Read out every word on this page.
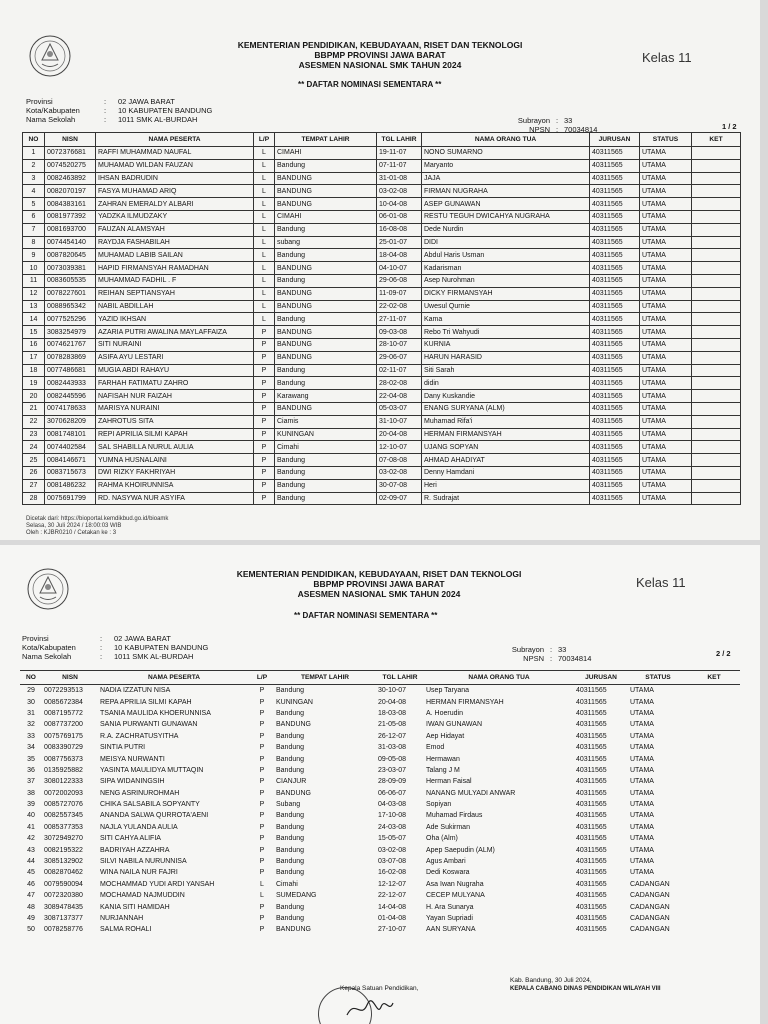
KEMENTERIAN PENDIDIKAN, KEBUDAYAAN, RISET DAN TEKNOLOGI
BBPMP PROVINSI JAWA BARAT
ASESMEN NASIONAL SMK TAHUN 2024	Kelas 11
** DAFTAR NOMINASI SEMENTARA **
Provinsi	:	02 JAWA BARAT
Kota/Kabupaten	:	10 KABUPATEN BANDUNG
Nama Sekolah	:	1011 SMK AL-BURDAH	Subrayon : 33
NPSN : 70034814	1 / 2
NO	NISN	NAMA PESERTA	L/P	TEMPAT LAHIR	TGL LAHIR	NAMA ORANG TUA	JURUSAN	STATUS	KET
1	0072376681	RAFFI MUHAMMAD NAUFAL	L	CIMAHI	19-11-07	NONO SUMARNO	40311565	UTAMA	
2	0074520275	MUHAMAD WILDAN FAUZAN	L	Bandung	07-11-07	Maryanto	40311565	UTAMA	
3	0082463892	IHSAN BADRUDIN	L	BANDUNG	31-01-08	JAJA	40311565	UTAMA	
4	0082070197	FASYA MUHAMAD ARIQ	L	BANDUNG	03-02-08	FIRMAN NUGRAHA	40311565	UTAMA	
5	0084383161	ZAHRAN EMERALDY ALBARI	L	BANDUNG	10-04-08	ASEP GUNAWAN	40311565	UTAMA	
6	0081977392	YADZKA ILMUDZAKY	L	CIMAHI	06-01-08	RESTU TEGUH DWICAHYA NUGRAHA	40311565	UTAMA	
7	0081693700	FAUZAN ALAMSYAH	L	Bandung	16-08-08	Dede Nurdin	40311565	UTAMA	
8	0074454140	RAYDJA FASHABILAH	L	subang	25-01-07	DIDI	40311565	UTAMA	
9	0087820645	MUHAMAD LABIB SAILAN	L	Bandung	18-04-08	Abdul Haris Usman	40311565	UTAMA	
10	0073039381	HAPID FIRMANSYAH RAMADHAN	L	BANDUNG	04-10-07	Kadarisman	40311565	UTAMA	
11	0083605535	MUHAMMAD FADHIL . F	L	Bandung	29-06-08	Asep Nurohman	40311565	UTAMA	
12	0078227601	REIHAN SEPTIANSYAH	L	BANDUNG	11-09-07	DICKY FIRMANSYAH	40311565	UTAMA	
13	0088965342	NABIL ABDILLAH	L	BANDUNG	22-02-08	Uwesul Qurnie	40311565	UTAMA	
14	0077525296	YAZID IKHSAN	L	Bandung	27-11-07	Kama	40311565	UTAMA	
15	3083254979	AZARIA PUTRI AWALINA MAYLAFFAIZA	P	BANDUNG	09-03-08	Rebo Tri Wahyudi	40311565	UTAMA	
16	0074621767	SITI NURAINI	P	BANDUNG	28-10-07	KURNIA	40311565	UTAMA	
17	0078283869	ASIFA AYU LESTARI	P	BANDUNG	29-06-07	HARUN HARASID	40311565	UTAMA	
18	0077486681	MUGIA ABDI RAHAYU	P	Bandung	02-11-07	Siti Sarah	40311565	UTAMA	
19	0082443933	FARHAH FATIMATU ZAHRO	P	Bandung	28-02-08	didin	40311565	UTAMA	
20	0082445596	NAFISAH NUR FAIZAH	P	Karawang	22-04-08	Dany Kuskandie	40311565	UTAMA	
21	0074178633	MARISYA NURAINI	P	BANDUNG	05-03-07	ENANG SURYANA (ALM)	40311565	UTAMA	
22	3070628209	ZAHROTUS SITA	P	Ciamis	31-10-07	Muhamad Rifa'i	40311565	UTAMA	
23	0081748101	REPI APRILIA SILMI KAPAH	P	KUNINGAN	20-04-08	HERMAN FIRMANSYAH	40311565	UTAMA	
24	0074402584	SAL SHABILLA NURUL AULIA	P	Cimahi	12-10-07	UJANG SOPYAN	40311565	UTAMA	
25	0084146671	YUMNA HUSNALAINI	P	Bandung	07-08-08	AHMAD AHADIYAT	40311565	UTAMA	
26	0083715673	DWI RIZKY FAKHRIYAH	P	Bandung	03-02-08	Denny Hamdani	40311565	UTAMA	
27	0081486232	RAHMA KHOIRUNNISA	P	Bandung	30-07-08	Heri	40311565	UTAMA	
28	0075691799	RD. NASYWA NUR ASYIFA	P	Bandung	02-09-07	R. Sudrajat	40311565	UTAMA	
Dicetak dari: https://bioportal.kemdikbud.go.id/bioamk
Selasa, 30 Juli 2024 / 18:00:03 WIB
Oleh : KJBR0210 / Cetakan ke : 3
KEMENTERIAN PENDIDIKAN, KEBUDAYAAN, RISET DAN TEKNOLOGI
BBPMP PROVINSI JAWA BARAT
ASESMEN NASIONAL SMK TAHUN 2024
Kelas 11
** DAFTAR NOMINASI SEMENTARA **
Provinsi	:	02 JAWA BARAT
Kota/Kabupaten	:	10 KABUPATEN BANDUNG
Nama Sekolah	:	1011 SMK AL-BURDAH
Subrayon : 33
NPSN : 70034814
2 / 2
NO	NISN	NAMA PESERTA	L/P	TEMPAT LAHIR	TGL LAHIR	NAMA ORANG TUA	JURUSAN	STATUS	KET
29	0072293513	NADIA IZZATUN NISA	P	Bandung	30-10-07	Usep Taryana	40311565	UTAMA	
30	0085672384	REPA APRILIA SILMI KAPAH	P	KUNINGAN	20-04-08	HERMAN FIRMANSYAH	40311565	UTAMA	
31	0087195772	TSANIA MAULIDA KHOERUNNISA	P	Bandung	18-03-08	A. Hoerudin	40311565	UTAMA	
32	0087737200	SANIA PURWANTI GUNAWAN	P	BANDUNG	21-05-08	IWAN GUNAWAN	40311565	UTAMA	
33	0075769175	R.A. ZACHRATUSYITHA	P	Bandung	26-12-07	Aep Hidayat	40311565	UTAMA	
34	0083390729	SINTIA PUTRI	P	Bandung	31-03-08	Emod	40311565	UTAMA	
35	0087756373	MEISYA NURWANTI	P	Bandung	09-05-08	Hermawan	40311565	UTAMA	
36	0135925882	YASINTA MAULIDYA MUTTAQIN	P	Bandung	23-03-07	Talang J M	40311565	UTAMA	
37	3080122333	SIPA WIDANINGSIH	P	CIANJUR	28-09-09	Herman Faisal	40311565	UTAMA	
38	0072002093	NENG ASRINUROHMAH	P	BANDUNG	06-06-07	NANANG MULYADI ANWAR	40311565	UTAMA	
39	0085727076	CHIKA SALSABILA SOPYANTY	P	Subang	04-03-08	Sopiyan	40311565	UTAMA	
40	0082557345	ANANDA SALWA QURROTA'AENI	P	Bandung	17-10-08	Muhamad Firdaus	40311565	UTAMA	
41	0085377353	NAJLA YULANDA AULIA	P	Bandung	24-03-08	Ade Sukirman	40311565	UTAMA	
42	3072949270	SITI CAHYA ALIFIA	P	Bandung	15-05-07	Oha (Alm)	40311565	UTAMA	
43	0082195322	BADRIYAH AZZAHRA	P	Bandung	03-02-08	Apep Saepudin (ALM)	40311565	UTAMA	
44	3085132902	SILVI NABILA NURUNNISA	P	Bandung	03-07-08	Agus Ambari	40311565	UTAMA	
45	0082870462	WINA NAILA NUR FAJRI	P	Bandung	16-02-08	Dedi Koswara	40311565	UTAMA	
46	0079590094	MOCHAMMAD YUDI ARDI YANSAH	L	Cimahi	12-12-07	Asa Iwan Nugraha	40311565	CADANGAN	
47	0072320380	MOCHAMAD NAJMUDDIN	L	SUMEDANG	22-12-07	CECEP MULYANA	40311565	CADANGAN	
48	3089478435	KANIA SITI HAMIDAH	P	Bandung	14-04-08	H. Ara Sunarya	40311565	CADANGAN	
49	3087137377	NURJANNAH	P	Bandung	01-04-08	Yayan Supriadi	40311565	CADANGAN	
50	0078258776	SALMA ROHALI	P	BANDUNG	27-10-07	AAN SURYANA	40311565	CADANGAN	
Kepala Satuan Pendidikan,
Kab. Bandung, 30 Juli 2024,
KEPALA CABANG DINAS PENDIDIKAN WILAYAH VIII
